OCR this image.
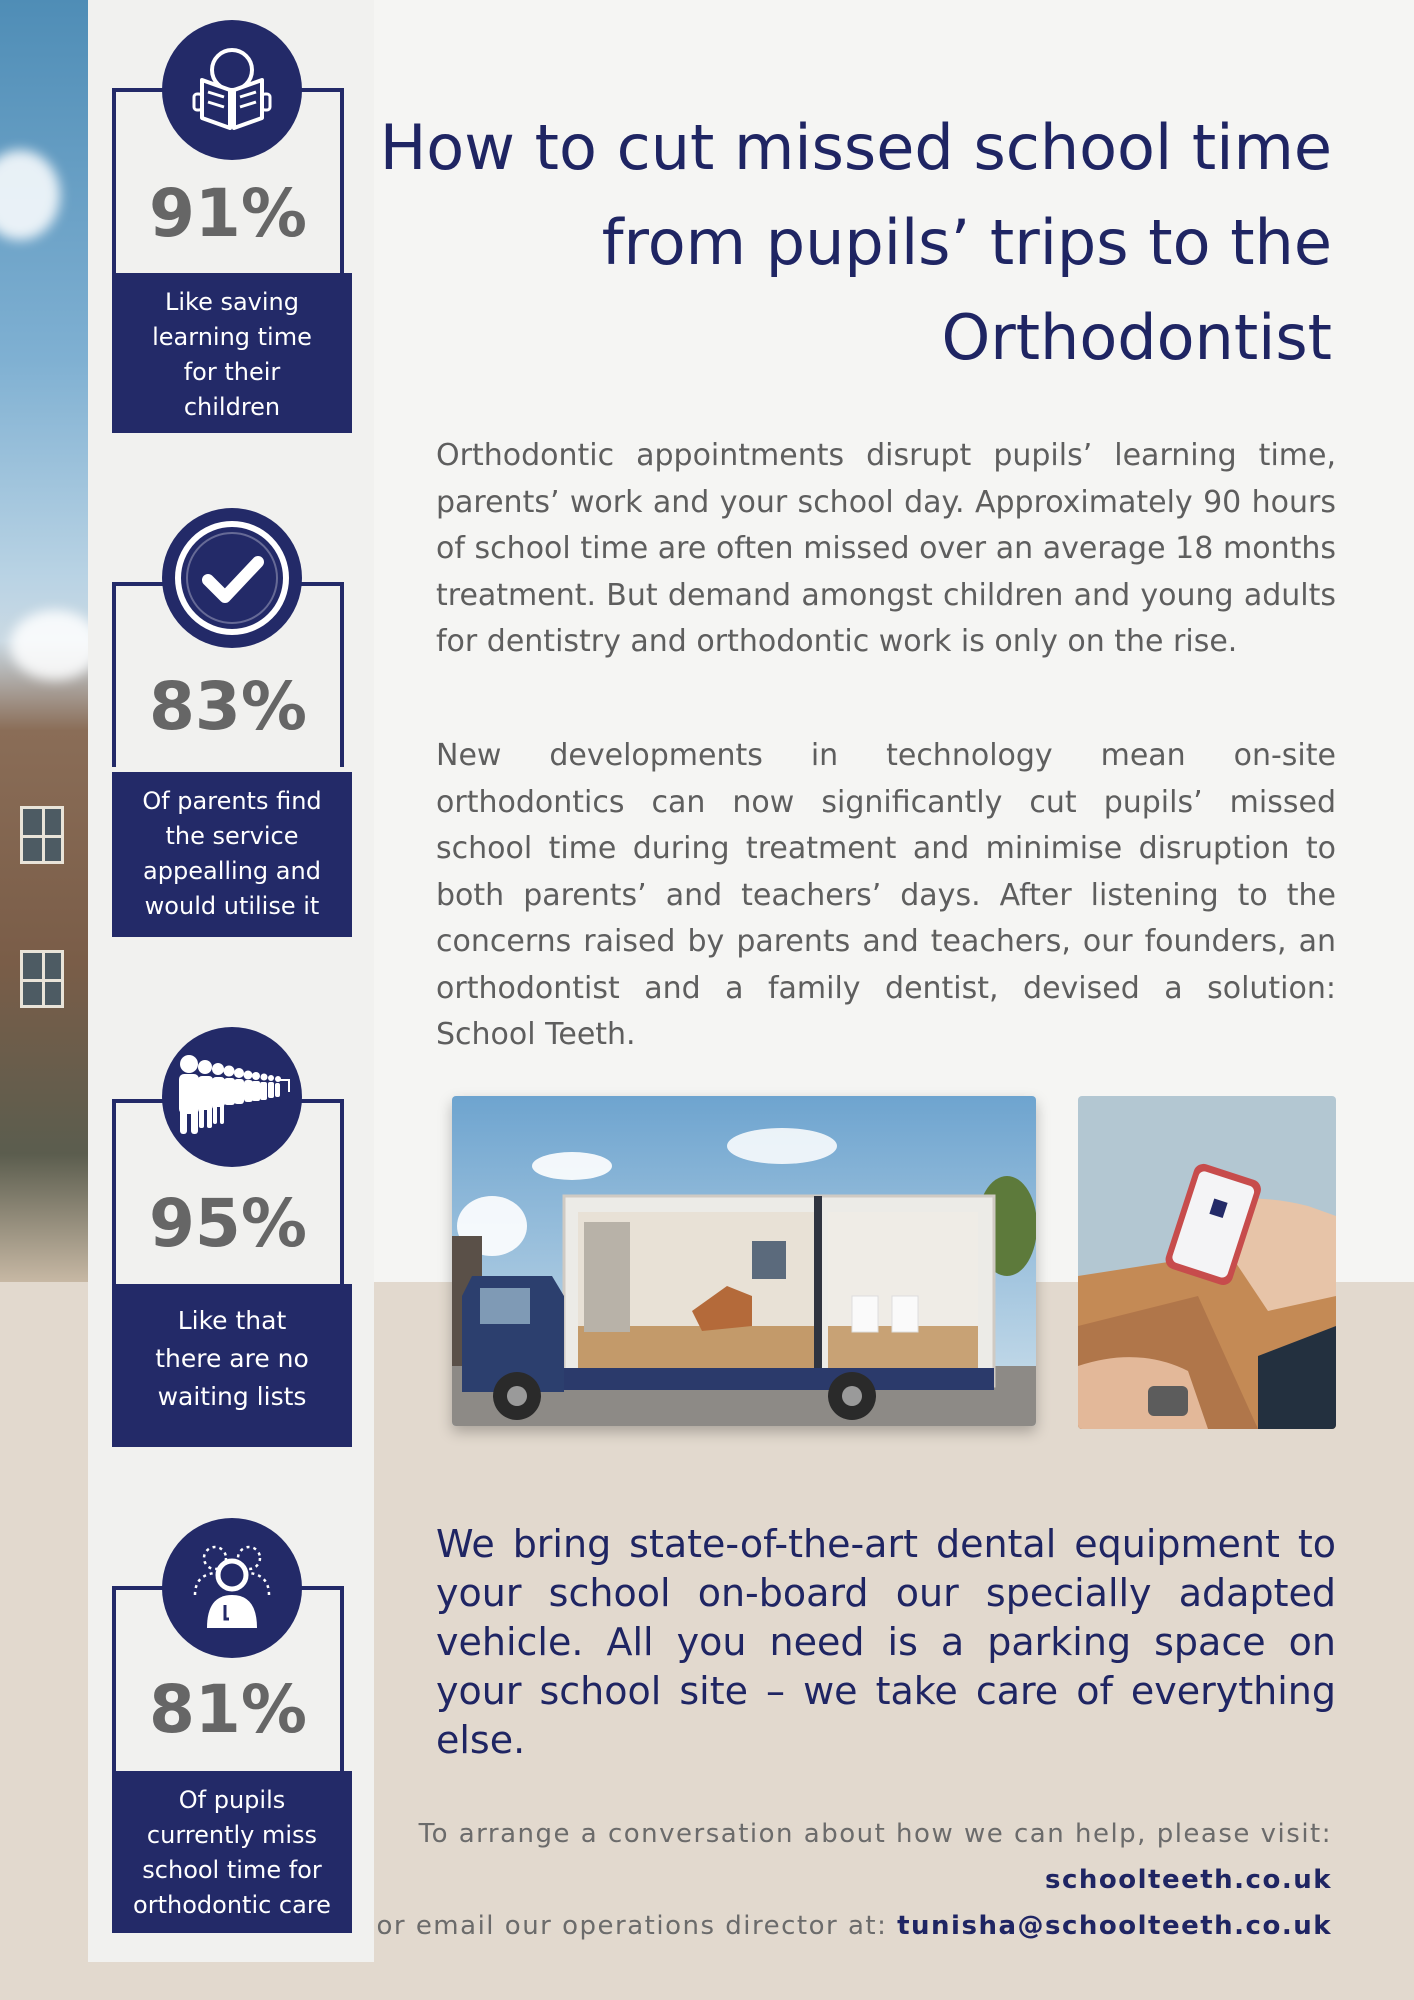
91%
Like saving
learning time
for their
children
83%
Of parents find
the service
appealling and
would utilise it
95%
Like that
there are no
waiting lists
81%
Of pupils
currently miss
school time for
orthodontic care
How to cut missed school time
from pupils’ trips to the
Orthodontist

Orthodontic appointments disrupt pupils’ learning time, parents’ work and your school day. Approximately 90 hours of school time are often missed over an average 18 months treatment. But demand amongst children and young adults for dentistry and orthodontic work is only on the rise.

New developments in technology mean on-site orthodontics can now significantly cut pupils’ missed school time during treatment and minimise disruption to both parents’ and teachers’ days. After listening to the concerns raised by parents and teachers, our founders, an orthodontist and a family dentist, devised a solution: School Teeth.

We bring state-of-the-art dental equipment to your school on-board our specially adapted vehicle. All you need is a parking space on your school site – we take care of everything else.

To arrange a conversation about how we can help, please visit:
schoolteeth.co.uk
or email our operations director at: tunisha@schoolteeth.co.uk
